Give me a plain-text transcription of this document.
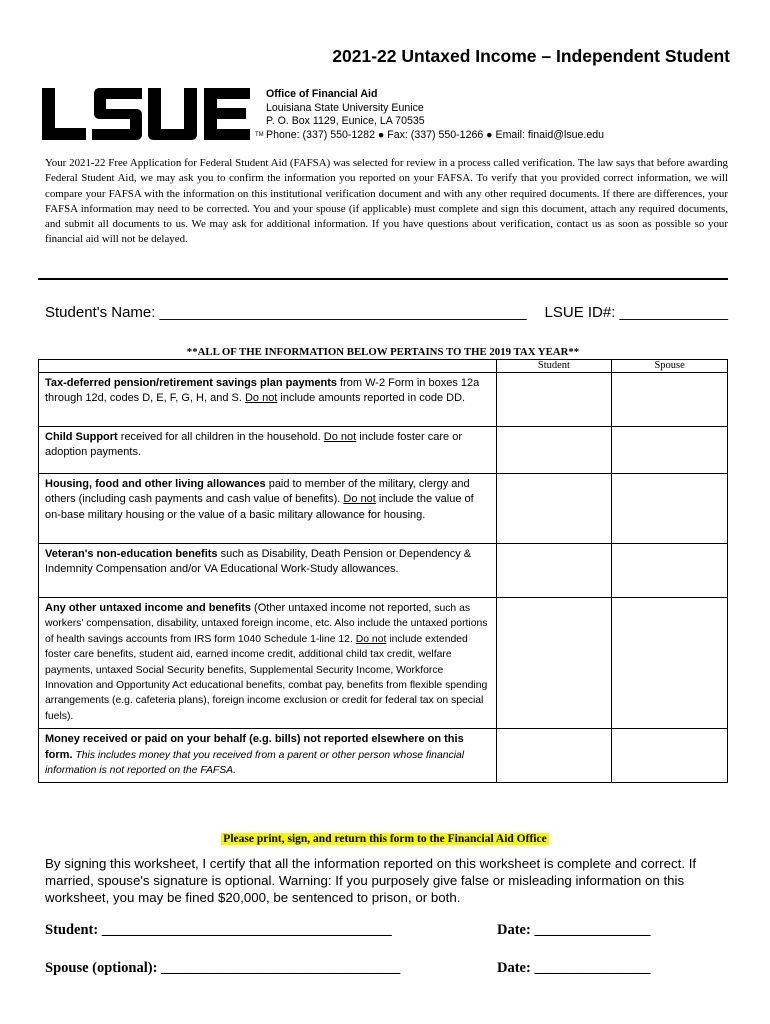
2021-22 Untaxed Income – Independent Student
TM
Office of Financial Aid
Louisiana State University Eunice
P. O. Box 1129, Eunice, LA 70535
Phone: (337) 550-1282 ● Fax: (337) 550-1266 ● Email: finaid@lsue.edu
Your 2021-22 Free Application for Federal Student Aid (FAFSA) was selected for review in a process called verification. The law says that before awarding Federal Student Aid, we may ask you to confirm the information you reported on your FAFSA. To verify that you provided correct information, we will compare your FAFSA with the information on this institutional verification document and with any other required documents. If there are differences, your FAFSA information may need to be corrected. You and your spouse (if applicable) must complete and sign this document, attach any required documents, and submit all documents to us. We may ask for additional information. If you have questions about verification, contact us as soon as possible so your financial aid will not be delayed.
Student's Name: ____________________________________________ LSUE ID#: _____________
**ALL OF THE INFORMATION BELOW PERTAINS TO THE 2019 TAX YEAR**
	Student	Spouse
Tax-deferred pension/retirement savings plan payments from W-2 Form in boxes 12a through 12d, codes D, E, F, G, H, and S. Do not include amounts reported in code DD.		
Child Support received for all children in the household. Do not include foster care or adoption payments.		
Housing, food and other living allowances paid to member of the military, clergy and others (including cash payments and cash value of benefits). Do not include the value of on-base military housing or the value of a basic military allowance for housing.		
Veteran's non-education benefits such as Disability, Death Pension or Dependency & Indemnity Compensation and/or VA Educational Work-Study allowances.		
Any other untaxed income and benefits (Other untaxed income not reported, such as workers' compensation, disability, untaxed foreign income, etc. Also include the untaxed portions of health savings accounts from IRS form 1040 Schedule 1-line 12. Do not include extended foster care benefits, student aid, earned income credit, additional child tax credit, welfare payments, untaxed Social Security benefits, Supplemental Security Income, Workforce Innovation and Opportunity Act educational benefits, combat pay, benefits from flexible spending arrangements (e.g. cafeteria plans), foreign income exclusion or credit for federal tax on special fuels).		
Money received or paid on your behalf (e.g. bills) not reported elsewhere on this form. This includes money that you received from a parent or other person whose financial information is not reported on the FAFSA.		
Please print, sign, and return this form to the Financial Aid Office
By signing this worksheet, I certify that all the information reported on this worksheet is complete and correct. If married, spouse's signature is optional. Warning: If you purposely give false or misleading information on this worksheet, you may be fined $20,000, be sentenced to prison, or both.
Student: ________________________________________	Date: ________________
Spouse (optional): _________________________________	Date: ________________
